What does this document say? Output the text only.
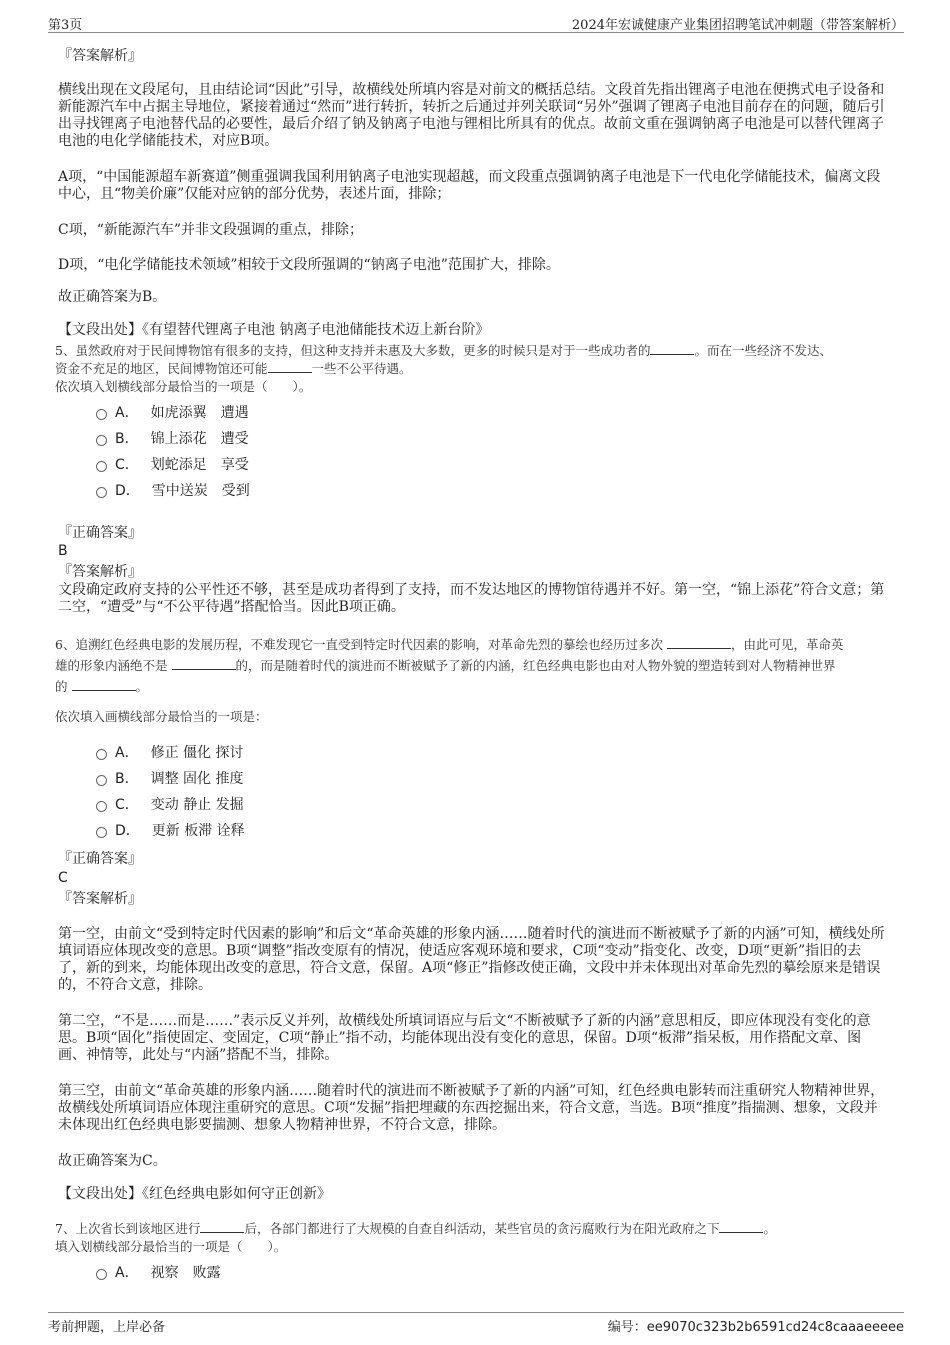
第3页	2024年宏诚健康产业集团招聘笔试冲刺题（带答案解析）
『答案解析』
横线出现在文段尾句，且由结论词“因此”引导，故横线处所填内容是对前文的概括总结。文段首先指出锂离子电池在便携式电子设备和新能源汽车中占据主导地位，紧接着通过“然而”进行转折，转折之后通过并列关联词“另外”强调了锂离子电池目前存在的问题，随后引出寻找锂离子电池替代品的必要性，最后介绍了钠及钠离子电池与锂相比所具有的优点。故前文重在强调钠离子电池是可以替代锂离子电池的电化学储能技术，对应B项。
A项，“中国能源超车新赛道”侧重强调我国利用钠离子电池实现超越，而文段重点强调钠离子电池是下一代电化学储能技术，偏离文段中心，且“物美价廉”仅能对应钠的部分优势，表述片面，排除；
C项，“新能源汽车”并非文段强调的重点，排除；
D项，“电化学储能技术领域”相较于文段所强调的“钠离子电池”范围扩大，排除。
故正确答案为B。
【文段出处】《有望替代锂离子电池 钠离子电池储能技术迈上新台阶》
5、虽然政府对于民间博物馆有很多的支持，但这种支持并未惠及大多数，更多的时候只是对于一些成功者的	。而在一些经济不发达、
资金不充足的地区，民间博物馆还可能	一些不公平待遇。
依次填入划横线部分最恰当的一项是（　　）。
A． 如虎添翼　遭遇
B． 锦上添花　遭受
C． 划蛇添足　享受
D． 雪中送炭　受到
『正确答案』
B
『答案解析』
文段确定政府支持的公平性还不够，甚至是成功者得到了支持，而不发达地区的博物馆待遇并不好。第一空，“锦上添花”符合文意；第二空，“遭受”与“不公平待遇”搭配恰当。因此B项正确。
6、追溯红色经典电影的发展历程，不难发现它一直受到特定时代因素的影响，对革命先烈的摹绘也经历过多次	，由此可见，革命英
雄的形象内涵绝不是	的，而是随着时代的演进而不断被赋予了新的内涵，红色经典电影也由对人物外貌的塑造转到对人物精神世界
的	。
依次填入画横线部分最恰当的一项是：
A． 修正 僵化 探讨
B． 调整 固化 推度
C． 变动 静止 发掘
D． 更新 板滞 诠释
『正确答案』
C
『答案解析』
第一空，由前文“受到特定时代因素的影响”和后文“革命英雄的形象内涵……随着时代的演进而不断被赋予了新的内涵”可知，横线处所填词语应体现改变的意思。B项“调整”指改变原有的情况，使适应客观环境和要求，C项“变动”指变化、改变，D项“更新”指旧的去了，新的到来，均能体现出改变的意思，符合文意，保留。A项“修正”指修改使正确，文段中并未体现出对革命先烈的摹绘原来是错误的，不符合文意，排除。
第二空，“不是……而是……”表示反义并列，故横线处所填词语应与后文“不断被赋予了新的内涵”意思相反，即应体现没有变化的意思。B项“固化”指使固定、变固定，C项“静止”指不动，均能体现出没有变化的意思，保留。D项“板滞”指呆板，用作搭配文章、图画、神情等，此处与“内涵”搭配不当，排除。
第三空，由前文“革命英雄的形象内涵……随着时代的演进而不断被赋予了新的内涵”可知，红色经典电影转而注重研究人物精神世界，故横线处所填词语应体现注重研究的意思。C项“发掘”指把埋藏的东西挖掘出来，符合文意，当选。B项“推度”指揣测、想象，文段并未体现出红色经典电影要揣测、想象人物精神世界，不符合文意，排除。
故正确答案为C。
【文段出处】《红色经典电影如何守正创新》
7、上次省长到该地区进行	后，各部门都进行了大规模的自查自纠活动，某些官员的贪污腐败行为在阳光政府之下	。
填入划横线部分最恰当的一项是（　　）。
A． 视察　败露
考前押题，上岸必备	编号：ee9070c323b2b6591cd24c8caaaeeeee
